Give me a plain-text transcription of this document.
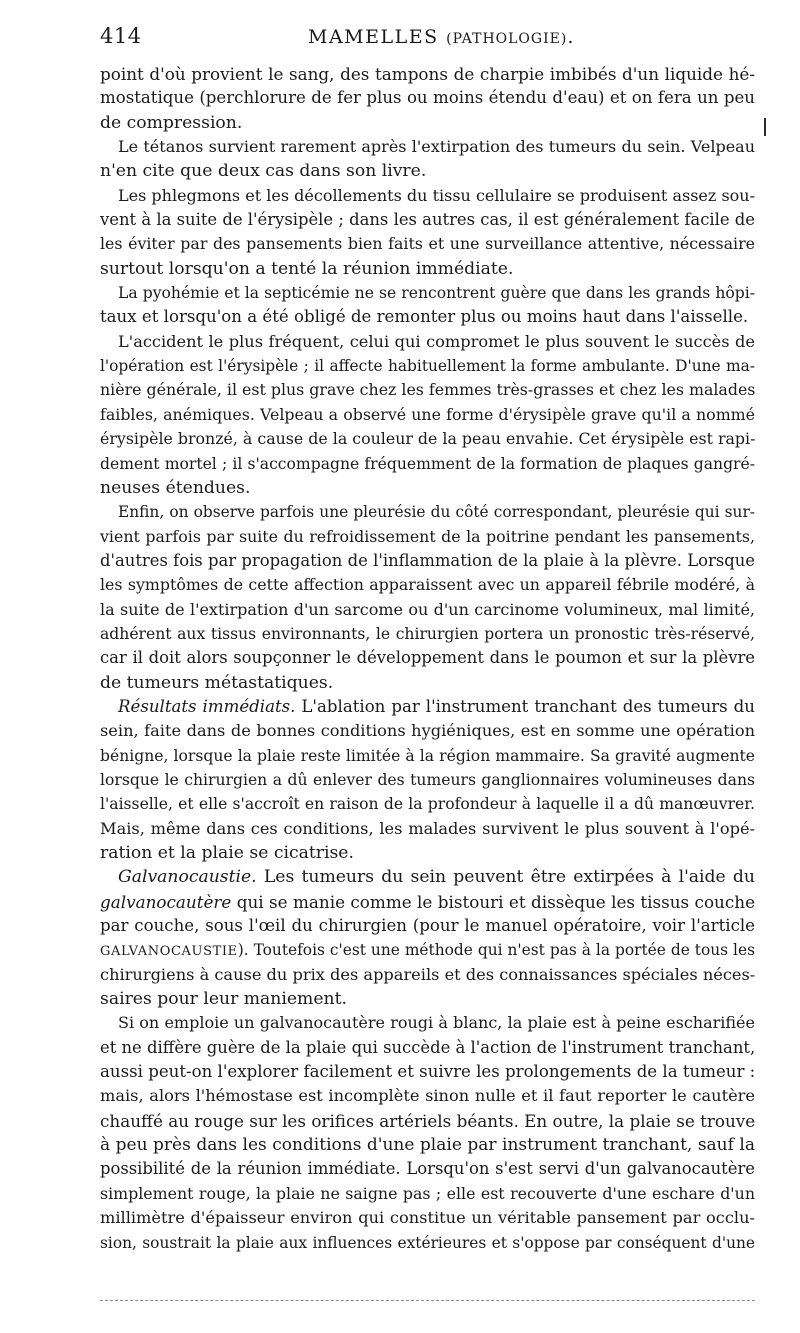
414	MAMELLES (PATHOLOGIE).
point d'où provient le sang, des tampons de charpie imbibés d'un liquide hé-
mostatique (perchlorure de fer plus ou moins étendu d'eau) et on fera un peu
de compression.
Le tétanos survient rarement après l'extirpation des tumeurs du sein. Velpeau
n'en cite que deux cas dans son livre.
Les phlegmons et les décollements du tissu cellulaire se produisent assez sou-
vent à la suite de l'érysipèle ; dans les autres cas, il est généralement facile de
les éviter par des pansements bien faits et une surveillance attentive, nécessaire
surtout lorsqu'on a tenté la réunion immédiate.
La pyohémie et la septicémie ne se rencontrent guère que dans les grands hôpi-
taux et lorsqu'on a été obligé de remonter plus ou moins haut dans l'aisselle.
L'accident le plus fréquent, celui qui compromet le plus souvent le succès de
l'opération est l'érysipèle ; il affecte habituellement la forme ambulante. D'une ma-
nière générale, il est plus grave chez les femmes très-grasses et chez les malades
faibles, anémiques. Velpeau a observé une forme d'érysipèle grave qu'il a nommé
érysipèle bronzé, à cause de la couleur de la peau envahie. Cet érysipèle est rapi-
dement mortel ; il s'accompagne fréquemment de la formation de plaques gangré-
neuses étendues.
Enfin, on observe parfois une pleurésie du côté correspondant, pleurésie qui sur-
vient parfois par suite du refroidissement de la poitrine pendant les pansements,
d'autres fois par propagation de l'inflammation de la plaie à la plèvre. Lorsque
les symptômes de cette affection apparaissent avec un appareil fébrile modéré, à
la suite de l'extirpation d'un sarcome ou d'un carcinome volumineux, mal limité,
adhérent aux tissus environnants, le chirurgien portera un pronostic très-réservé,
car il doit alors soupçonner le développement dans le poumon et sur la plèvre
de tumeurs métastatiques.
Résultats immédiats. L'ablation par l'instrument tranchant des tumeurs du
sein, faite dans de bonnes conditions hygiéniques, est en somme une opération
bénigne, lorsque la plaie reste limitée à la région mammaire. Sa gravité augmente
lorsque le chirurgien a dû enlever des tumeurs ganglionnaires volumineuses dans
l'aisselle, et elle s'accroît en raison de la profondeur à laquelle il a dû manœuvrer.
Mais, même dans ces conditions, les malades survivent le plus souvent à l'opé-
ration et la plaie se cicatrise.
Galvanocaustie. Les tumeurs du sein peuvent être extirpées à l'aide du
galvanocautère qui se manie comme le bistouri et dissèque les tissus couche
par couche, sous l'œil du chirurgien (pour le manuel opératoire, voir l'article
GALVANOCAUSTIE). Toutefois c'est une méthode qui n'est pas à la portée de tous les
chirurgiens à cause du prix des appareils et des connaissances spéciales néces-
saires pour leur maniement.
Si on emploie un galvanocautère rougi à blanc, la plaie est à peine escharifiée
et ne diffère guère de la plaie qui succède à l'action de l'instrument tranchant,
aussi peut-on l'explorer facilement et suivre les prolongements de la tumeur :
mais, alors l'hémostase est incomplète sinon nulle et il faut reporter le cautère
chauffé au rouge sur les orifices artériels béants. En outre, la plaie se trouve
à peu près dans les conditions d'une plaie par instrument tranchant, sauf la
possibilité de la réunion immédiate. Lorsqu'on s'est servi d'un galvanocautère
simplement rouge, la plaie ne saigne pas ; elle est recouverte d'une eschare d'un
millimètre d'épaisseur environ qui constitue un véritable pansement par occlu-
sion, soustrait la plaie aux influences extérieures et s'oppose par conséquent d'une
